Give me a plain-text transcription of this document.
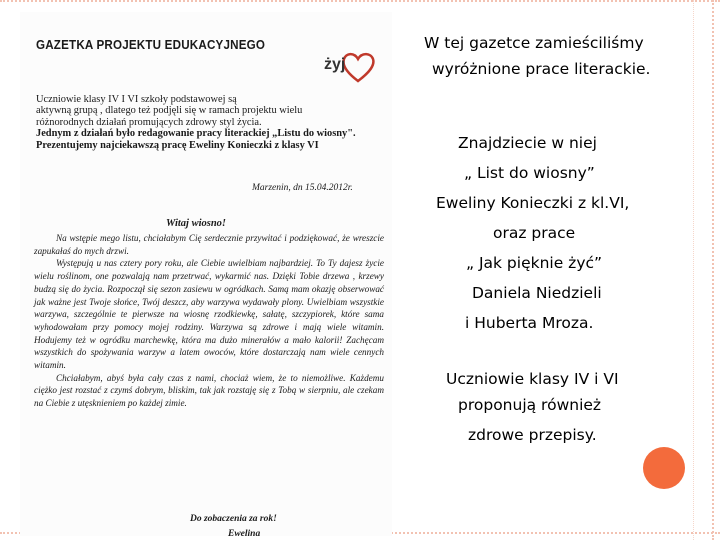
GAZETKA PROJEKTU EDUKACYJNEGO
żyj
Uczniowie klasy IV I VI szkoły podstawowej są
aktywną grupą , dlatego też podjęli się w ramach projektu wielu
różnorodnych działań promujących zdrowy styl życia.
Jednym z działań było redagowanie pracy literackiej „Listu do wiosny".
Prezentujemy najciekawszą pracę Eweliny Konieczki z klasy VI
Marzenin, dn 15.04.2012r.
Witaj wiosno!

Na wstępie mego listu, chciałabym Cię serdecznie przywitać i podziękować, że wreszcie zapukałaś do mych drzwi.

Występują u nas cztery pory roku, ale Ciebie uwielbiam najbardziej. To Ty dajesz życie wielu roślinom, one pozwalają nam przetrwać, wykarmić nas. Dzięki Tobie drzewa , krzewy budzą się do życia. Rozpoczął się sezon zasiewu w ogródkach. Samą mam okazję obserwować jak ważne jest Twoje słońce, Twój deszcz, aby warzywa wydawały plony. Uwielbiam wszystkie warzywa, szczególnie te pierwsze na wiosnę rzodkiewkę, sałatę, szczypiorek, które sama wyhodowałam przy pomocy mojej rodziny. Warzywa są zdrowe i mają wiele witamin. Hodujemy też w ogródku marchewkę, która ma dużo minerałów a mało kalorii! Zachęcam wszystkich do spożywania warzyw a latem owoców, które dostarczają nam wiele cennych witamin.

Chciałabym, abyś była cały czas z nami, chociaż wiem, że to niemożliwe. Każdemu ciężko jest rozstać z czymś dobrym, bliskim, tak jak rozstaję się z Tobą w sierpniu, ale czekam na Ciebie z utęsknieniem po każdej zimie.

Do zobaczenia za rok!
Ewelina
W tej gazetce zamieściliśmy
wyróżnione prace literackie.
Znajdziecie w niej
„ List do wiosny”
Eweliny Konieczki z kl.VI,
oraz prace
„ Jak pięknie żyć”
Daniela Niedzieli
i Huberta Mroza.
Uczniowie klasy IV i VI
proponują również
zdrowe przepisy.
